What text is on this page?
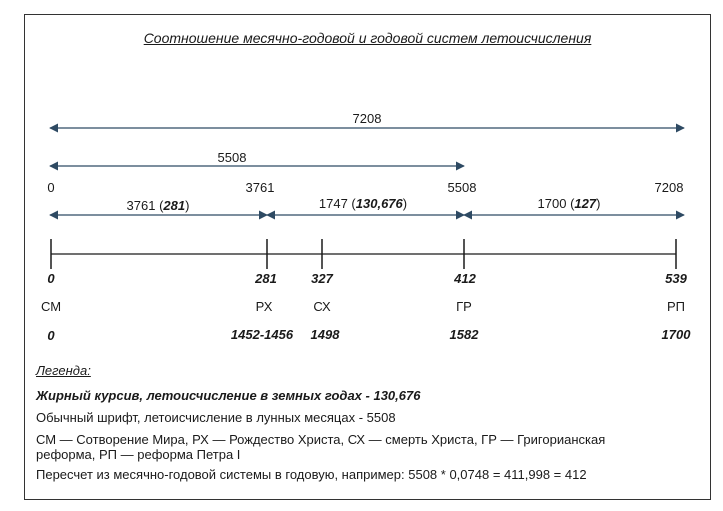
Соотношение месячно-годовой и годовой систем летоисчисления
7208
5508
0	3761	5508	7208
3761 (281)	1747 (130,676)	1700 (127)
0	281	327	412	539
СМ	РХ	СХ	ГР	РП
0	1452-1456 1498	1582	1700
Легенда:
Жирный курсив, летоисчисление в земных годах - 130,676
Обычный шрифт, летоисчисление в лунных месяцах - 5508
СМ — Сотворение Мира, РХ — Рождество Христа, СХ — смерть Христа, ГР — Григорианская
реформа, РП — реформа Петра I
Пересчет из месячно-годовой системы в годовую, например: 5508 * 0,0748 = 411,998 = 412
